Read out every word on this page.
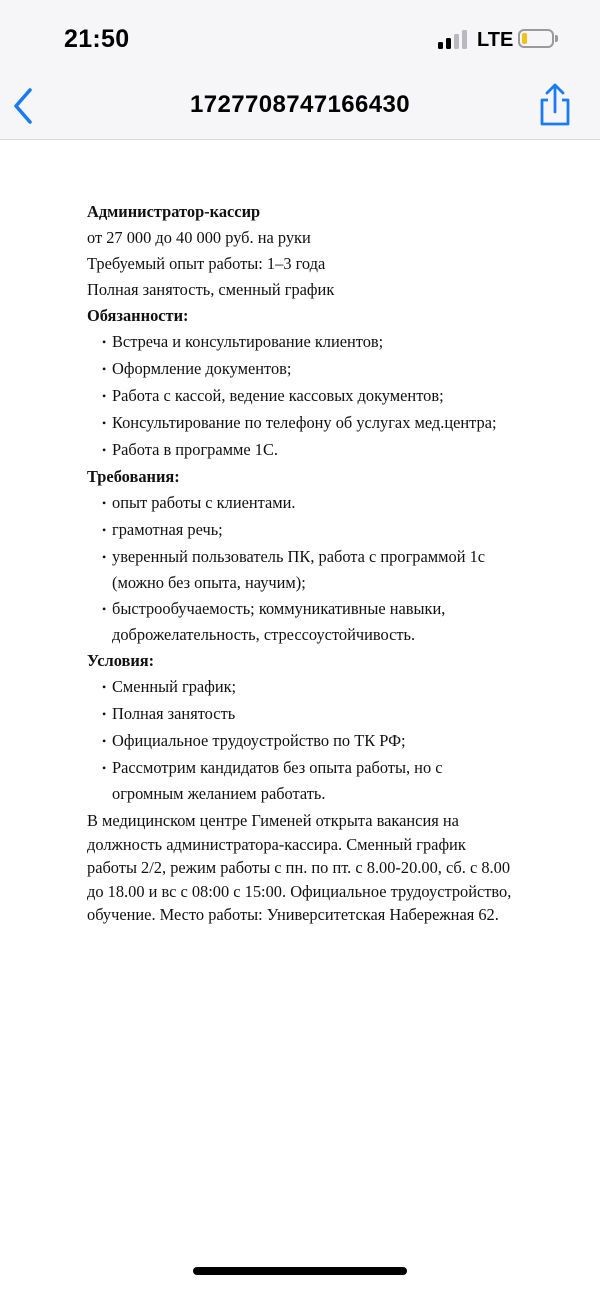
21:50	LTE
1727708747166430
Администратор-кассир
от 27 000 до 40 000 руб. на руки
Требуемый опыт работы: 1–3 года
Полная занятость, сменный график
Обязанности:
•
Встреча и консультирование клиентов;
•
Оформление документов;
•
Работа с кассой, ведение кассовых документов;
•
Консультирование по телефону об услугах мед.центра;
•
Работа в программе 1С.
Требования:
•
опыт работы с клиентами.
•
грамотная речь;
•
уверенный пользователь ПК, работа с программой 1с
(можно без опыта, научим);
•
быстрообучаемость; коммуникативные навыки,
доброжелательность, стрессоустойчивость.
Условия:
•
Сменный график;
•
Полная занятость
•
Официальное трудоустройство по ТК РФ;
•
Рассмотрим кандидатов без опыта работы, но с
огромным желанием работать.
В медицинском центре Гименей открыта вакансия на
должность администратора-кассира. Сменный график
работы 2/2, режим работы с пн. по пт. с 8.00-20.00, сб. с 8.00
до 18.00 и вс с 08:00 с 15:00. Официальное трудоустройство,
обучение. Место работы: Университетская Набережная 62.
